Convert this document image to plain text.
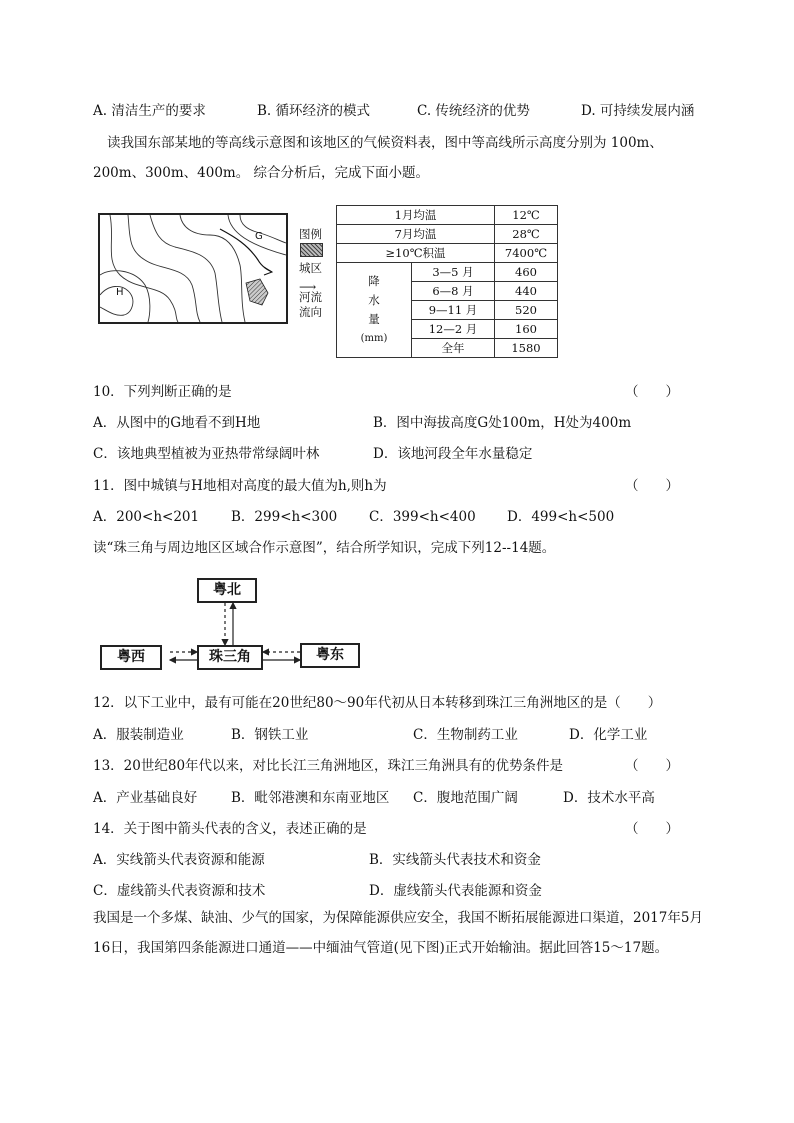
A. 清洁生产的要求	B. 循环经济的模式	C. 传统经济的优势	D. 可持续发展内涵
读我国东部某地的等高线示意图和该地区的气候资料表，图中等高线所示高度分别为 100m、200m、300m、400m。 综合分析后，完成下面小题。
G
H
图例
城区
⟶
河流流向
1月均温		12℃
7月均温		28℃
≥10℃积温		7400℃

降水量
(mm)	3—5 月	460
	6—8 月	440
	9—11 月	520
	12—2 月	160
	全年	1580
10．下列判断正确的是	（　　）
A．从图中的G地看不到H地	B．图中海拔高度G处100m，H处为400m
C．该地典型植被为亚热带常绿阔叶林	D．该地河段全年水量稳定
11．图中城镇与H地相对高度的最大值为h,则h为	（　　）
A．200<h<201 B．299<h<300 C．399<h<400 D．499<h<500
读“珠三角与周边地区区域合作示意图”，结合所学知识，完成下列12--14题。
粤北
粤西	珠三角	粤东
12．以下工业中，最有可能在20世纪80～90年代初从日本转移到珠江三角洲地区的是（　　）
A．服装制造业	B．钢铁工业	C．生物制药工业	D．化学工业
13．20世纪80年代以来，对比长江三角洲地区，珠江三角洲具有的优势条件是	（　　）
A．产业基础良好	B．毗邻港澳和东南亚地区 C．腹地范围广阔	D．技术水平高
14．关于图中箭头代表的含义，表述正确的是	（　　）
A．实线箭头代表资源和能源	B．实线箭头代表技术和资金
C．虚线箭头代表资源和技术	D．虚线箭头代表能源和资金
我国是一个多煤、缺油、少气的国家，为保障能源供应安全，我国不断拓展能源进口渠道，2017年5月16日，我国第四条能源进口通道——中缅油气管道(见下图)正式开始输油。据此回答15～17题。
